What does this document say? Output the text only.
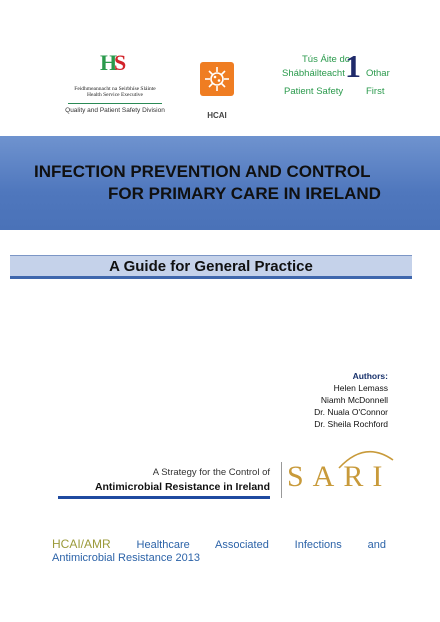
H
S
Feidhmeannacht na Seirbhíse Sláinte
Health Service Executive
Quality and Patient Safety Division
HCAI
Tús Áite do
Shábháilteacht 1 Othar
Patient Safety First
INFECTION PREVENTION AND CONTROL
FOR PRIMARY CARE IN IRELAND
A Guide for General Practice
Authors:
Helen Lemass
Niamh McDonnell
Dr. Nuala O'Connor
Dr. Sheila Rochford
A Strategy for the Control of
Antimicrobial Resistance in Ireland SARI
HCAI/AMR Healthcare Associated Infections and
Antimicrobial Resistance 2013
